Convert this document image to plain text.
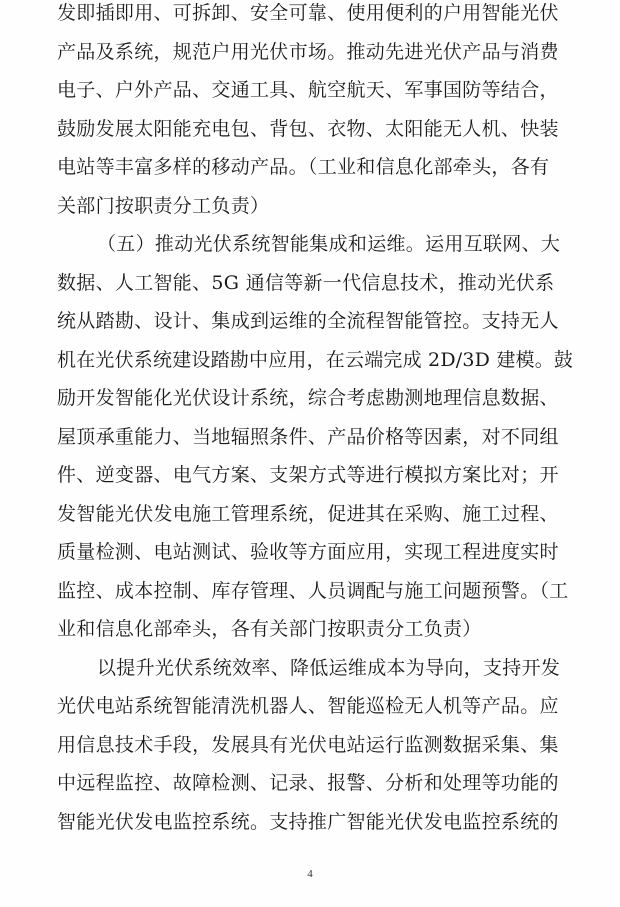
发即插即用、可拆卸、安全可靠、使用便利的户用智能光伏
产品及系统，规范户用光伏市场。推动先进光伏产品与消费
电子、户外产品、交通工具、航空航天、军事国防等结合，
鼓励发展太阳能充电包、背包、衣物、太阳能无人机、快装
电站等丰富多样的移动产品。（工业和信息化部牵头，各有
关部门按职责分工负责）
（五）推动光伏系统智能集成和运维。运用互联网、大
数据、人工智能、5G 通信等新一代信息技术，推动光伏系
统从踏勘、设计、集成到运维的全流程智能管控。支持无人
机在光伏系统建设踏勘中应用，在云端完成 2D/3D 建模。鼓
励开发智能化光伏设计系统，综合考虑勘测地理信息数据、
屋顶承重能力、当地辐照条件、产品价格等因素，对不同组
件、逆变器、电气方案、支架方式等进行模拟方案比对；开
发智能光伏发电施工管理系统，促进其在采购、施工过程、
质量检测、电站测试、验收等方面应用，实现工程进度实时
监控、成本控制、库存管理、人员调配与施工问题预警。（工
业和信息化部牵头，各有关部门按职责分工负责）
以提升光伏系统效率、降低运维成本为导向，支持开发
光伏电站系统智能清洗机器人、智能巡检无人机等产品。应
用信息技术手段，发展具有光伏电站运行监测数据采集、集
中远程监控、故障检测、记录、报警、分析和处理等功能的
智能光伏发电监控系统。支持推广智能光伏发电监控系统的
4
